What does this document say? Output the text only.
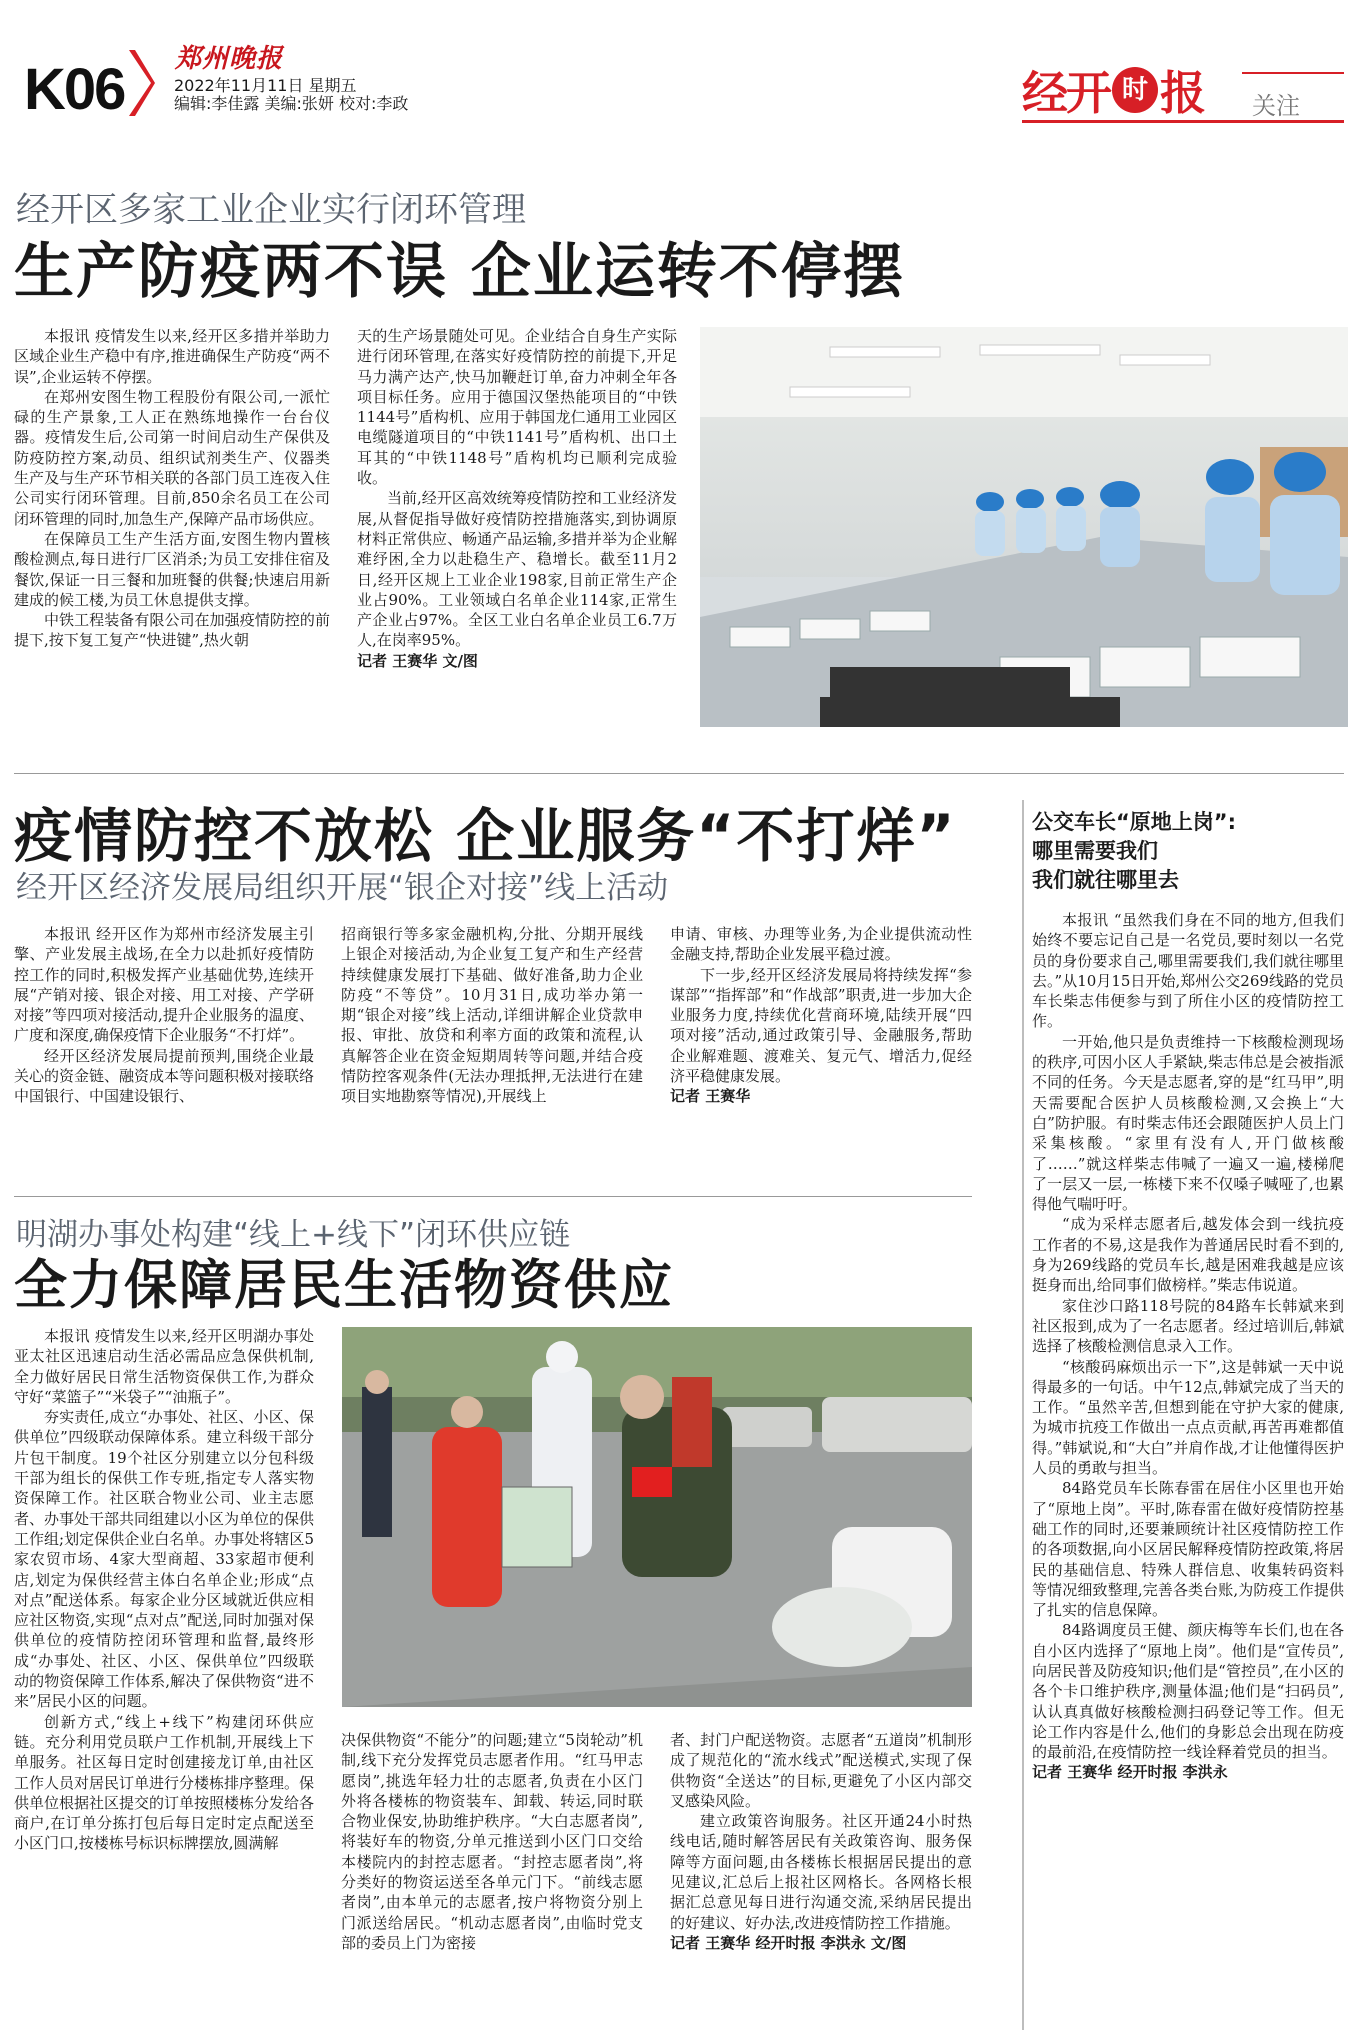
K06 郑州晚报
2022年11月11日 星期五
编辑:李佳露 美编:张妍 校对:李政	经开 时 报 关注
经开区多家工业企业实行闭环管理
生产防疫两不误 企业运转不停摆

本报讯 疫情发生以来,经开区多措并举助力区域企业生产稳中有序,推进确保生产防疫“两不误”,企业运转不停摆。

在郑州安图生物工程股份有限公司,一派忙碌的生产景象,工人正在熟练地操作一台台仪器。疫情发生后,公司第一时间启动生产保供及防疫防控方案,动员、组织试剂类生产、仪器类生产及与生产环节相关联的各部门员工连夜入住公司实行闭环管理。目前,850余名员工在公司闭环管理的同时,加急生产,保障产品市场供应。

在保障员工生产生活方面,安图生物内置核酸检测点,每日进行厂区消杀;为员工安排住宿及餐饮,保证一日三餐和加班餐的供餐;快速启用新建成的候工楼,为员工休息提供支撑。

中铁工程装备有限公司在加强疫情防控的前提下,按下复工复产“快进键”,热火朝

天的生产场景随处可见。企业结合自身生产实际进行闭环管理,在落实好疫情防控的前提下,开足马力满产达产,快马加鞭赶订单,奋力冲刺全年各项目标任务。应用于德国汉堡热能项目的“中铁1144号”盾构机、应用于韩国龙仁通用工业园区电缆隧道项目的“中铁1141号”盾构机、出口土耳其的“中铁1148号”盾构机均已顺利完成验收。

当前,经开区高效统筹疫情防控和工业经济发展,从督促指导做好疫情防控措施落实,到协调原材料正常供应、畅通产品运输,多措并举为企业解难纾困,全力以赴稳生产、稳增长。截至11月2日,经开区规上工业企业198家,目前正常生产企业占90%。工业领域白名单企业114家,正常生产企业占97%。全区工业白名单企业员工6.7万人,在岗率95%。

记者 王赛华 文/图
疫情防控不放松 企业服务“不打烊”
经开区经济发展局组织开展“银企对接”线上活动

本报讯 经开区作为郑州市经济发展主引擎、产业发展主战场,在全力以赴抓好疫情防控工作的同时,积极发挥产业基础优势,连续开展“产销对接、银企对接、用工对接、产学研对接”等四项对接活动,提升企业服务的温度、广度和深度,确保疫情下企业服务“不打烊”。

经开区经济发展局提前预判,围绕企业最关心的资金链、融资成本等问题积极对接联络中国银行、中国建设银行、

招商银行等多家金融机构,分批、分期开展线上银企对接活动,为企业复工复产和生产经营持续健康发展打下基础、做好准备,助力企业防疫“不等贷”。10月31日,成功举办第一期“银企对接”线上活动,详细讲解企业贷款申报、审批、放贷和利率方面的政策和流程,认真解答企业在资金短期周转等问题,并结合疫情防控客观条件(无法办理抵押,无法进行在建项目实地勘察等情况),开展线上

申请、审核、办理等业务,为企业提供流动性金融支持,帮助企业发展平稳过渡。

下一步,经开区经济发展局将持续发挥“参谋部”“指挥部”和“作战部”职责,进一步加大企业服务力度,持续优化营商环境,陆续开展“四项对接”活动,通过政策引导、金融服务,帮助企业解难题、渡难关、复元气、增活力,促经济平稳健康发展。

记者 王赛华
明湖办事处构建“线上+线下”闭环供应链
全力保障居民生活物资供应

本报讯 疫情发生以来,经开区明湖办事处亚太社区迅速启动生活必需品应急保供机制,全力做好居民日常生活物资保供工作,为群众守好“菜篮子”“米袋子”“油瓶子”。

夯实责任,成立“办事处、社区、小区、保供单位”四级联动保障体系。建立科级干部分片包干制度。19个社区分别建立以分包科级干部为组长的保供工作专班,指定专人落实物资保障工作。社区联合物业公司、业主志愿者、办事处干部共同组建以小区为单位的保供工作组;划定保供企业白名单。办事处将辖区5家农贸市场、4家大型商超、33家超市便利店,划定为保供经营主体白名单企业;形成“点对点”配送体系。每家企业分区域就近供应相应社区物资,实现“点对点”配送,同时加强对保供单位的疫情防控闭环管理和监督,最终形成“办事处、社区、小区、保供单位”四级联动的物资保障工作体系,解决了保供物资“进不来”居民小区的问题。

创新方式,“线上+线下”构建闭环供应链。充分利用党员联户工作机制,开展线上下单服务。社区每日定时创建接龙订单,由社区工作人员对居民订单进行分楼栋排序整理。保供单位根据社区提交的订单按照楼栋分发给各商户,在订单分拣打包后每日定时定点配送至小区门口,按楼栋号标识标牌摆放,圆满解

决保供物资“不能分”的问题;建立“5岗轮动”机制,线下充分发挥党员志愿者作用。“红马甲志愿岗”,挑选年轻力壮的志愿者,负责在小区门外将各楼栋的物资装车、卸载、转运,同时联合物业保安,协助维护秩序。“大白志愿者岗”,将装好车的物资,分单元推送到小区门口交给本楼院内的封控志愿者。“封控志愿者岗”,将分类好的物资运送至各单元门下。“前线志愿者岗”,由本单元的志愿者,按户将物资分别上门派送给居民。“机动志愿者岗”,由临时党支部的委员上门为密接

者、封门户配送物资。志愿者“五道岗”机制形成了规范化的“流水线式”配送模式,实现了保供物资“全送达”的目标,更避免了小区内部交叉感染风险。

建立政策咨询服务。社区开通24小时热线电话,随时解答居民有关政策咨询、服务保障等方面问题,由各楼栋长根据居民提出的意见建议,汇总后上报社区网格长。各网格长根据汇总意见每日进行沟通交流,采纳居民提出的好建议、好办法,改进疫情防控工作措施。

记者 王赛华 经开时报 李洪永 文/图
公交车长“原地上岗”:
哪里需要我们
我们就往哪里去

本报讯 “虽然我们身在不同的地方,但我们始终不要忘记自己是一名党员,要时刻以一名党员的身份要求自己,哪里需要我们,我们就往哪里去。”从10月15日开始,郑州公交269线路的党员车长柴志伟便参与到了所住小区的疫情防控工作。

一开始,他只是负责维持一下核酸检测现场的秩序,可因小区人手紧缺,柴志伟总是会被指派不同的任务。今天是志愿者,穿的是“红马甲”,明天需要配合医护人员核酸检测,又会换上“大白”防护服。有时柴志伟还会跟随医护人员上门采集核酸。“家里有没有人,开门做核酸了……”就这样柴志伟喊了一遍又一遍,楼梯爬了一层又一层,一栋楼下来不仅嗓子喊哑了,也累得他气喘吁吁。

“成为采样志愿者后,越发体会到一线抗疫工作者的不易,这是我作为普通居民时看不到的,身为269线路的党员车长,越是困难我越是应该挺身而出,给同事们做榜样。”柴志伟说道。

家住沙口路118号院的84路车长韩斌来到社区报到,成为了一名志愿者。经过培训后,韩斌选择了核酸检测信息录入工作。

“核酸码麻烦出示一下”,这是韩斌一天中说得最多的一句话。中午12点,韩斌完成了当天的工作。“虽然辛苦,但想到能在守护大家的健康,为城市抗疫工作做出一点点贡献,再苦再难都值得。”韩斌说,和“大白”并肩作战,才让他懂得医护人员的勇敢与担当。

84路党员车长陈春雷在居住小区里也开始了“原地上岗”。平时,陈春雷在做好疫情防控基础工作的同时,还要兼顾统计社区疫情防控工作的各项数据,向小区居民解释疫情防控政策,将居民的基础信息、特殊人群信息、收集转码资料等情况细致整理,完善各类台账,为防疫工作提供了扎实的信息保障。

84路调度员王健、颜庆梅等车长们,也在各自小区内选择了“原地上岗”。他们是“宣传员”,向居民普及防疫知识;他们是“管控员”,在小区的各个卡口维护秩序,测量体温;他们是“扫码员”,认认真真做好核酸检测扫码登记等工作。但无论工作内容是什么,他们的身影总会出现在防疫的最前沿,在疫情防控一线诠释着党员的担当。

记者 王赛华 经开时报 李洪永
